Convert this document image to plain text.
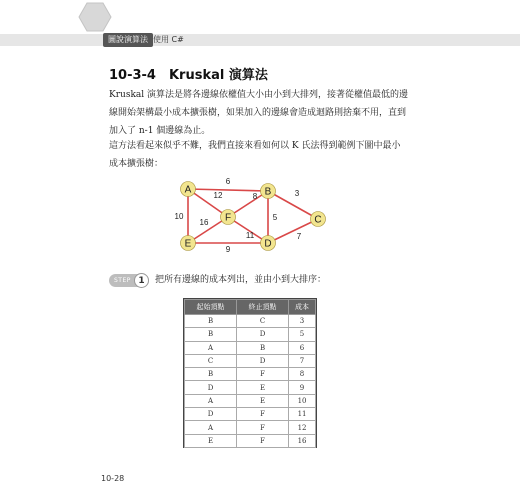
圖說演算法 使用 C#
10-3-4　Kruskal 演算法
Kruskal 演算法是將各邊線依權值大小由小到大排列，接著從權值最低的邊線開始架構最小成本擴張樹，如果加入的邊線會造成迴路則捨棄不用，直到加入了 n-1 個邊線為止。
這方法看起來似乎不難，我們直接來看如何以 K 氏法得到範例下圖中最小成本擴張樹：
6
12
10
8
5
3
7
16
11
9
A	B
C
D
E
F
STEP 1	把所有邊線的成本列出，並由小到大排序：
起始頂點	終止頂點	成本
B	C	3
B	D	5
A	B	6
C	D	7
B	F	8
D	E	9
A	E	10
D	F	11
A	F	12
E	F	16
10-28
